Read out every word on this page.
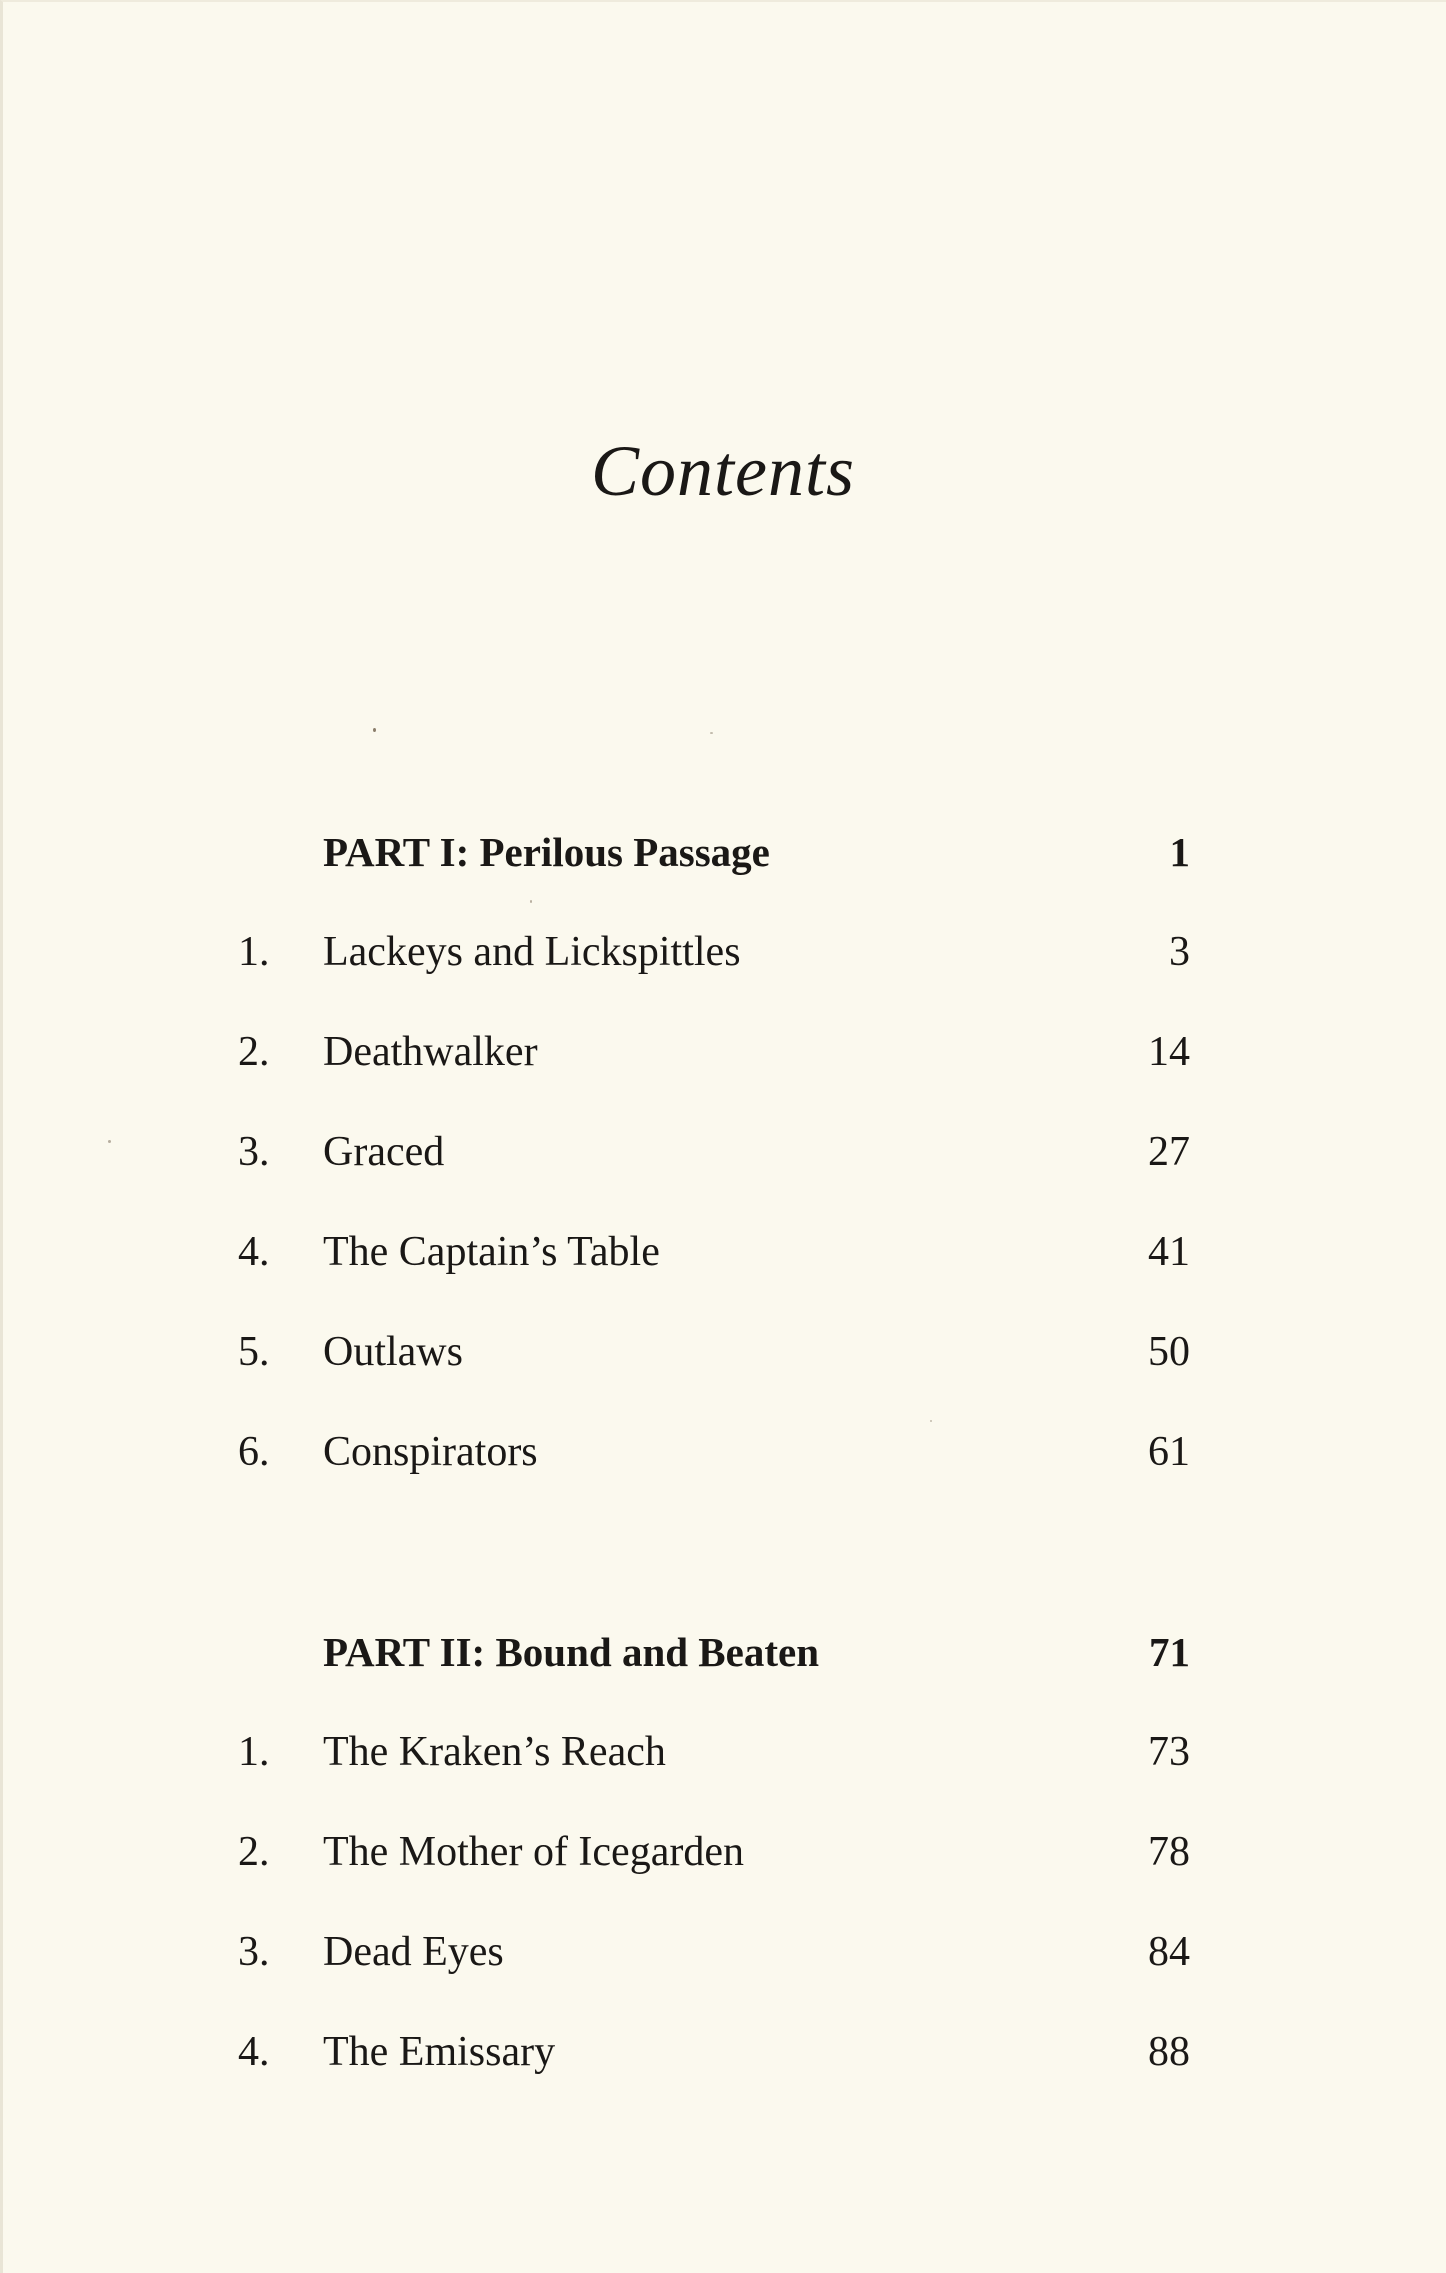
Contents
PART I: Perilous Passage	1
1. Lackeys and Lickspittles	3
2. Deathwalker	14
3. Graced	27
4. The Captain’s Table	41
5. Outlaws	50
6. Conspirators	61
PART II: Bound and Beaten	71
1. The Kraken’s Reach	73
2. The Mother of Icegarden	78
3. Dead Eyes	84
4. The Emissary	88
